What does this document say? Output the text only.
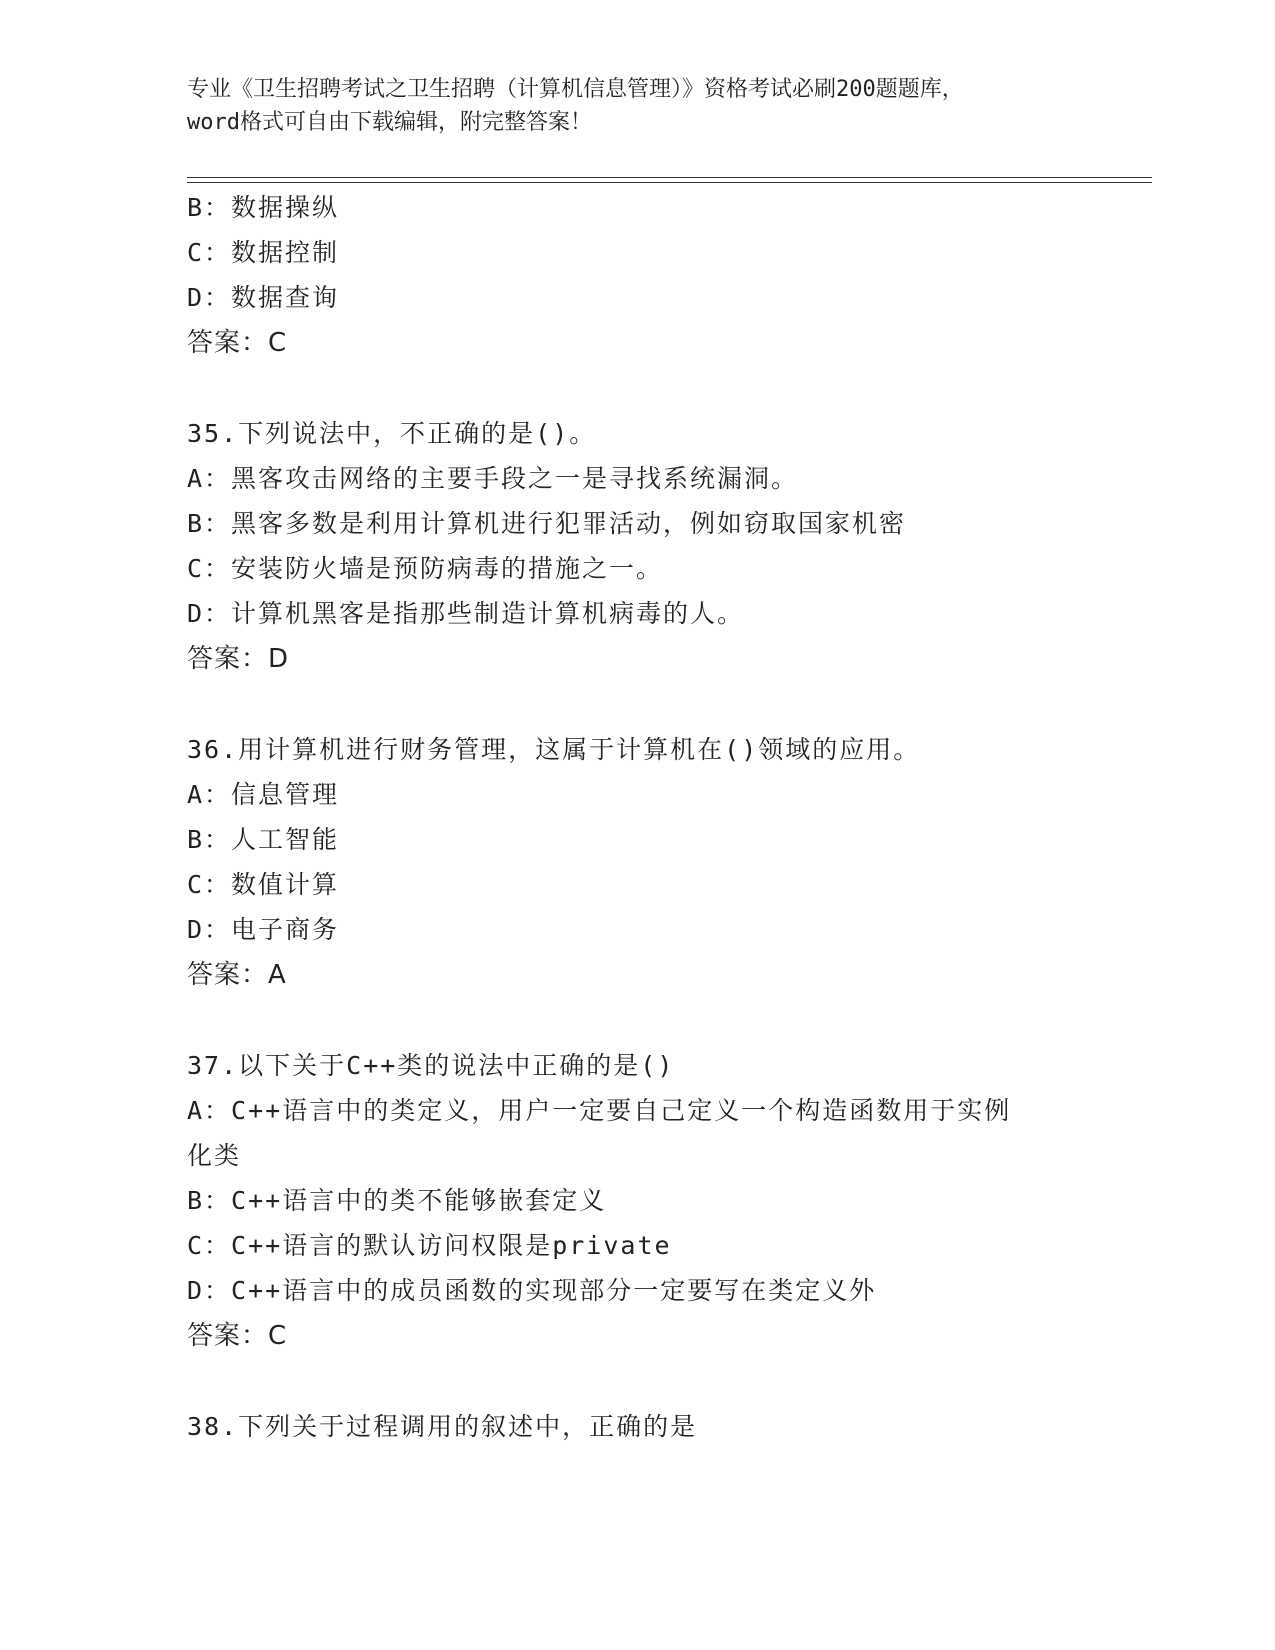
专业《卫生招聘考试之卫生招聘（计算机信息管理）》资格考试必刷200题题库，
word格式可自由下载编辑，附完整答案！
B：数据操纵
C：数据控制
D：数据查询
答案：C
35.下列说法中，不正确的是()。
A：黑客攻击网络的主要手段之一是寻找系统漏洞。
B：黑客多数是利用计算机进行犯罪活动，例如窃取国家机密
C：安装防火墙是预防病毒的措施之一。
D：计算机黑客是指那些制造计算机病毒的人。
答案：D
36.用计算机进行财务管理，这属于计算机在()领域的应用。
A：信息管理
B：人工智能
C：数值计算
D：电子商务
答案：A
37.以下关于C++类的说法中正确的是()
A：C++语言中的类定义，用户一定要自己定义一个构造函数用于实例
化类
B：C++语言中的类不能够嵌套定义
C：C++语言的默认访问权限是private
D：C++语言中的成员函数的实现部分一定要写在类定义外
答案：C
38.下列关于过程调用的叙述中，正确的是
